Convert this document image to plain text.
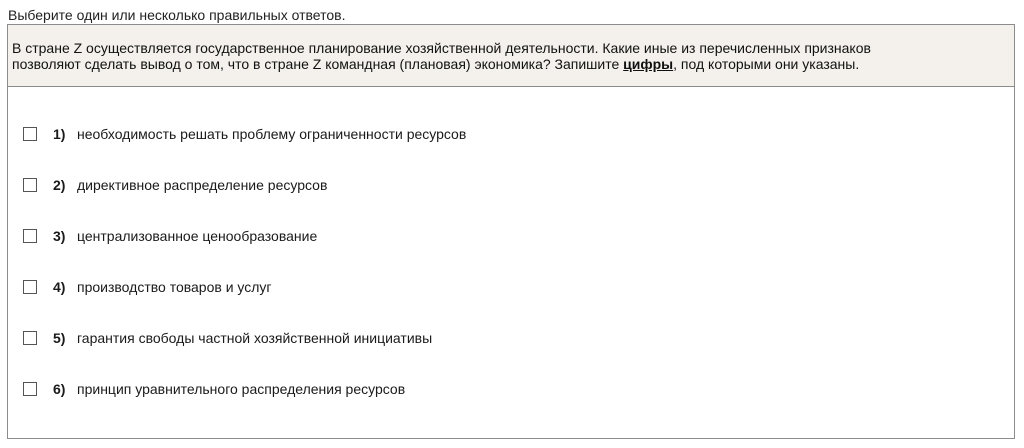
Выберите один или несколько правильных ответов.
В стране Z осуществляется государственное планирование хозяйственной деятельности. Какие иные из перечисленных признаков
позволяют сделать вывод о том, что в стране Z командная (плановая) экономика? Запишите цифры, под которыми они указаны.
1) необходимость решать проблему ограниченности ресурсов
2) директивное распределение ресурсов
3) централизованное ценообразование
4) производство товаров и услуг
5) гарантия свободы частной хозяйственной инициативы
6) принцип уравнительного распределения ресурсов
